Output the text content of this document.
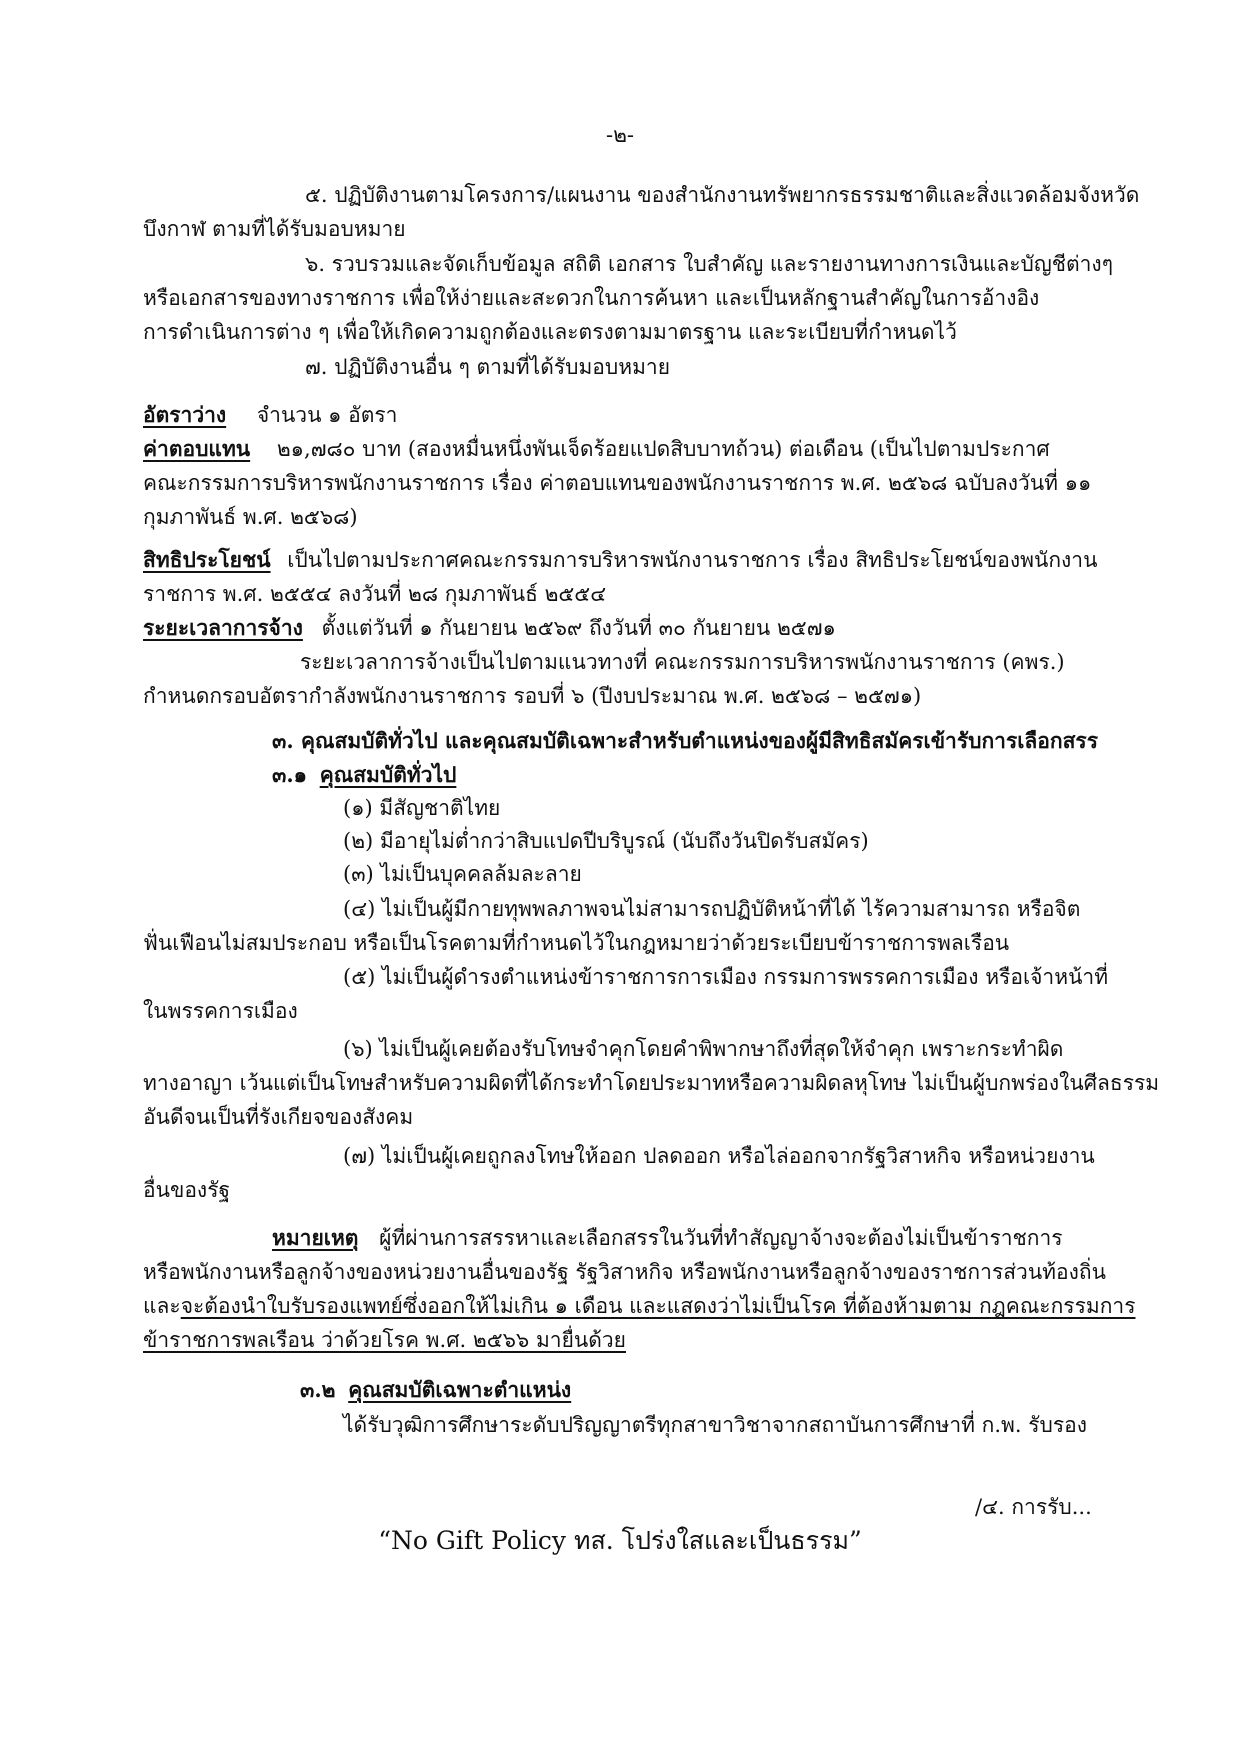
-๒-
๕. ปฏิบัติงานตามโครงการ/แผนงาน ของสำนักงานทรัพยากรธรรมชาติและสิ่งแวดล้อมจังหวัด
บึงกาฬ ตามที่ได้รับมอบหมาย
๖. รวบรวมและจัดเก็บข้อมูล สถิติ เอกสาร ใบสำคัญ และรายงานทางการเงินและบัญชีต่างๆ
หรือเอกสารของทางราชการ เพื่อให้ง่ายและสะดวกในการค้นหา และเป็นหลักฐานสำคัญในการอ้างอิง
การดำเนินการต่าง ๆ เพื่อให้เกิดความถูกต้องและตรงตามมาตรฐาน และระเบียบที่กำหนดไว้
๗. ปฏิบัติงานอื่น ๆ ตามที่ได้รับมอบหมาย
อัตราว่าง จำนวน ๑ อัตรา
ค่าตอบแทน ๒๑,๗๘๐ บาท (สองหมื่นหนึ่งพันเจ็ดร้อยแปดสิบบาทถ้วน) ต่อเดือน (เป็นไปตามประกาศ
คณะกรรมการบริหารพนักงานราชการ เรื่อง ค่าตอบแทนของพนักงานราชการ พ.ศ. ๒๕๖๘ ฉบับลงวันที่ ๑๑
กุมภาพันธ์ พ.ศ. ๒๕๖๘)
สิทธิประโยชน์ เป็นไปตามประกาศคณะกรรมการบริหารพนักงานราชการ เรื่อง สิทธิประโยชน์ของพนักงาน
ราชการ พ.ศ. ๒๕๕๔ ลงวันที่ ๒๘ กุมภาพันธ์ ๒๕๕๔
ระยะเวลาการจ้าง ตั้งแต่วันที่ ๑ กันยายน ๒๕๖๙ ถึงวันที่ ๓๐ กันยายน ๒๕๗๑
ระยะเวลาการจ้างเป็นไปตามแนวทางที่ คณะกรรมการบริหารพนักงานราชการ (คพร.)
กำหนดกรอบอัตรากำลังพนักงานราชการ รอบที่ ๖ (ปีงบประมาณ พ.ศ. ๒๕๖๘ – ๒๕๗๑)
๓. คุณสมบัติทั่วไป และคุณสมบัติเฉพาะสำหรับตำแหน่งของผู้มีสิทธิสมัครเข้ารับการเลือกสรร
๓.๑ คุณสมบัติทั่วไป
(๑) มีสัญชาติไทย
(๒) มีอายุไม่ต่ำกว่าสิบแปดปีบริบูรณ์ (นับถึงวันปิดรับสมัคร)
(๓) ไม่เป็นบุคคลล้มละลาย
(๔) ไม่เป็นผู้มีกายทุพพลภาพจนไม่สามารถปฏิบัติหน้าที่ได้ ไร้ความสามารถ หรือจิต
ฟั่นเฟือนไม่สมประกอบ หรือเป็นโรคตามที่กำหนดไว้ในกฎหมายว่าด้วยระเบียบข้าราชการพลเรือน
(๕) ไม่เป็นผู้ดำรงตำแหน่งข้าราชการการเมือง กรรมการพรรคการเมือง หรือเจ้าหน้าที่
ในพรรคการเมือง
(๖) ไม่เป็นผู้เคยต้องรับโทษจำคุกโดยคำพิพากษาถึงที่สุดให้จำคุก เพราะกระทำผิด
ทางอาญา เว้นแต่เป็นโทษสำหรับความผิดที่ได้กระทำโดยประมาทหรือความผิดลหุโทษ ไม่เป็นผู้บกพร่องในศีลธรรม
อันดีจนเป็นที่รังเกียจของสังคม
(๗) ไม่เป็นผู้เคยถูกลงโทษให้ออก ปลดออก หรือไล่ออกจากรัฐวิสาหกิจ หรือหน่วยงาน
อื่นของรัฐ
หมายเหตุ ผู้ที่ผ่านการสรรหาและเลือกสรรในวันที่ทำสัญญาจ้างจะต้องไม่เป็นข้าราชการ
หรือพนักงานหรือลูกจ้างของหน่วยงานอื่นของรัฐ รัฐวิสาหกิจ หรือพนักงานหรือลูกจ้างของราชการส่วนท้องถิ่น
และจะต้องนำใบรับรองแพทย์ซึ่งออกให้ไม่เกิน ๑ เดือน และแสดงว่าไม่เป็นโรค ที่ต้องห้ามตาม กฎคณะกรรมการ
ข้าราชการพลเรือน ว่าด้วยโรค พ.ศ. ๒๕๖๖ มายื่นด้วย
๓.๒ คุณสมบัติเฉพาะตำแหน่ง
ได้รับวุฒิการศึกษาระดับปริญญาตรีทุกสาขาวิชาจากสถาบันการศึกษาที่ ก.พ. รับรอง
/๔. การรับ...
“No Gift Policy ทส. โปร่งใสและเป็นธรรม”
